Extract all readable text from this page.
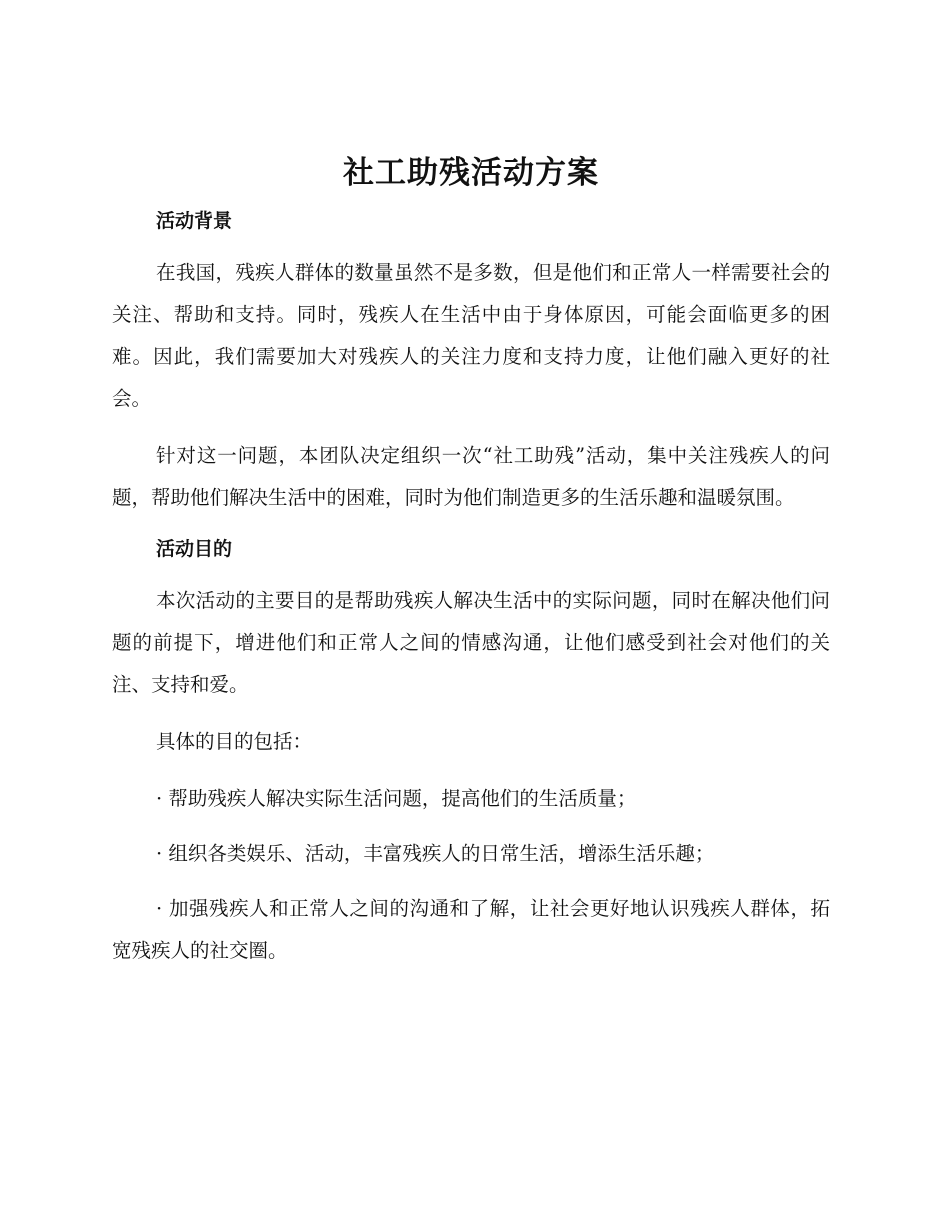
社工助残活动方案
活动背景

在我国，残疾人群体的数量虽然不是多数，但是他们和正常人一样需要社会的关注、帮助和支持。同时，残疾人在生活中由于身体原因，可能会面临更多的困难。因此，我们需要加大对残疾人的关注力度和支持力度，让他们融入更好的社会。

针对这一问题，本团队决定组织一次“社工助残”活动，集中关注残疾人的问题，帮助他们解决生活中的困难，同时为他们制造更多的生活乐趣和温暖氛围。

活动目的

本次活动的主要目的是帮助残疾人解决生活中的实际问题，同时在解决他们问题的前提下，增进他们和正常人之间的情感沟通，让他们感受到社会对他们的关注、支持和爱。

具体的目的包括：

· 帮助残疾人解决实际生活问题，提高他们的生活质量；

· 组织各类娱乐、活动，丰富残疾人的日常生活，增添生活乐趣；

· 加强残疾人和正常人之间的沟通和了解，让社会更好地认识残疾人群体，拓宽残疾人的社交圈。
